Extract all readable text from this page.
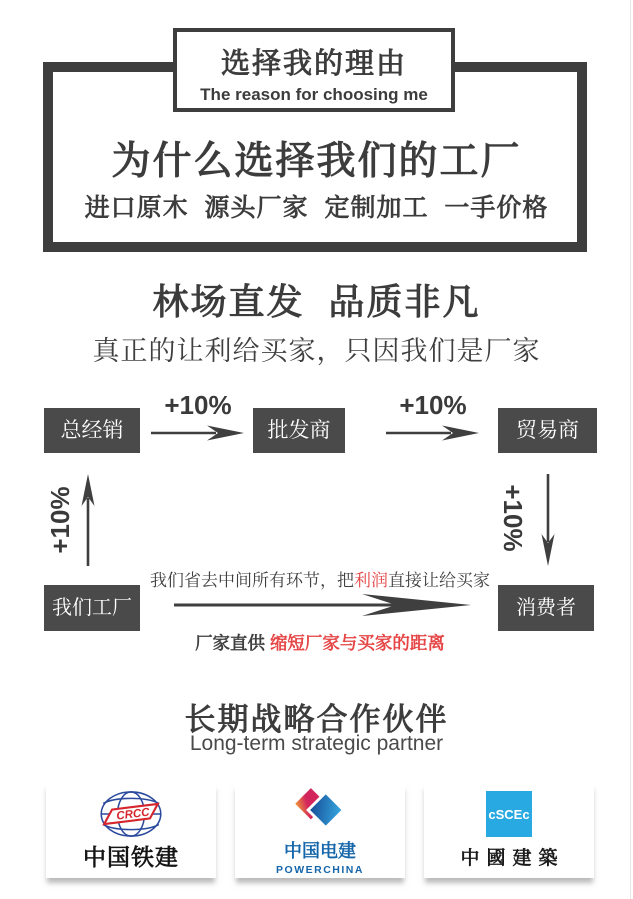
选择我的理由
The reason for choosing me
为什么选择我们的工厂
进口原木  源头厂家  定制加工  一手价格
林场直发  品质非凡
真正的让利给买家，只因我们是厂家
总经销	批发商	贸易商
+10%	+10%
+10%	+10%
我们工厂	消费者
我们省去中间所有环节，把利润直接让给买家
厂家直供 缩短厂家与买家的距离
长期战略合作伙伴
Long-term strategic partner
CRCC
中国铁建	中国电建
POWERCHINA
cSCEc
中國建築
